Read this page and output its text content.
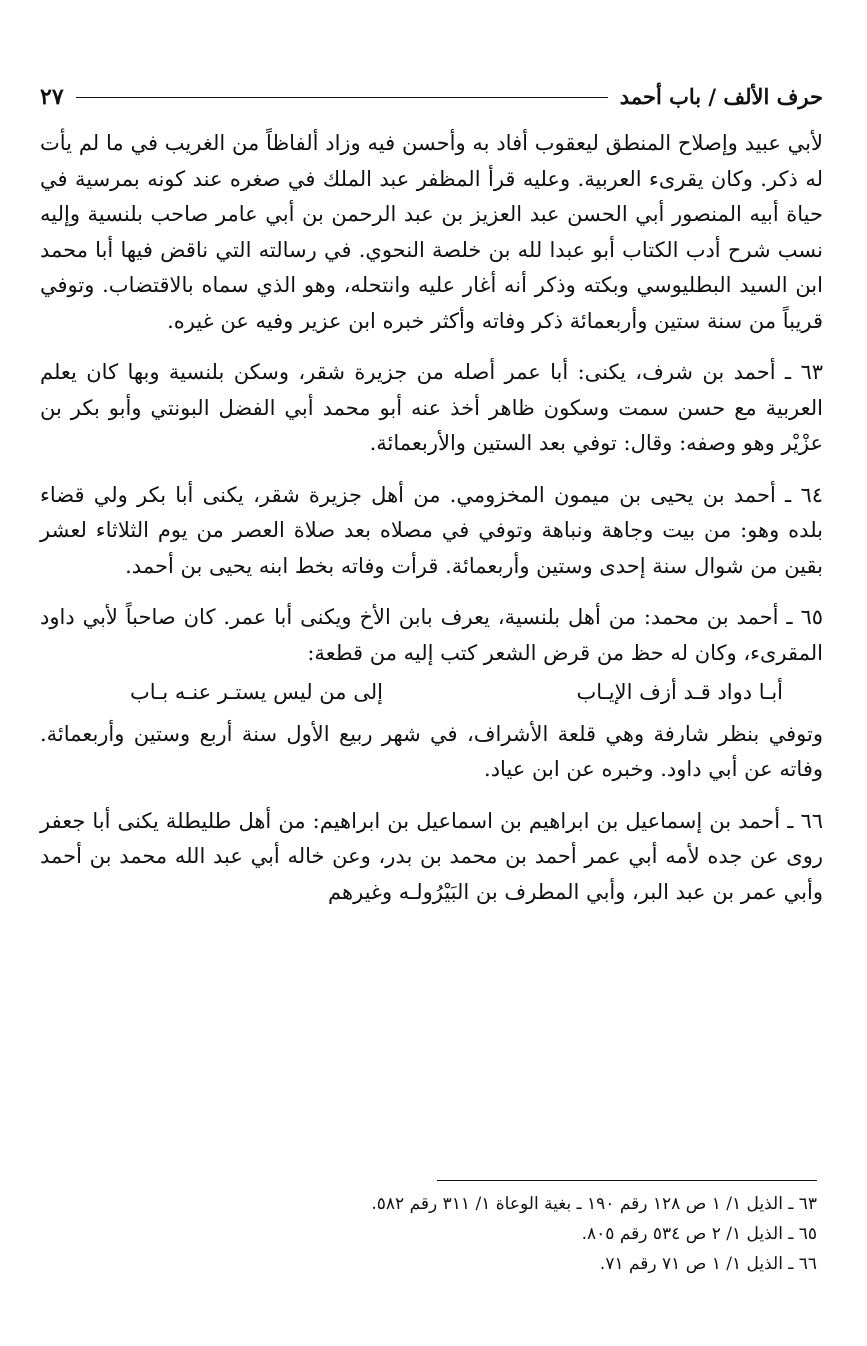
حرف الألف / باب أحمد
٢٧

لأبي عبيد وإصلاح المنطق ليعقوب أفاد به وأحسن فيه وزاد ألفاظاً من الغريب في ما لم يأت له ذكر. وكان يقرىء العربية. وعليه قرأ المظفر عبد الملك في صغره عند كونه بمرسية في حياة أبيه المنصور أبي الحسن عبد العزيز بن عبد الرحمن بن أبي عامر صاحب بلنسية وإليه نسب شرح أدب الكتاب أبو عبدا لله بن خلصة النحوي. في رسالته التي ناقض فيها أبا محمد ابن السيد البطليوسي وبكته وذكر أنه أغار عليه وانتحله، وهو الذي سماه بالاقتضاب. وتوفي قريباً من سنة ستين وأربعمائة ذكر وفاته وأكثر خبره ابن عزير وفيه عن غيره.

٦٣ ـ أحمد بن شرف، يكنى: أبا عمر أصله من جزيرة شقر، وسكن بلنسية وبها كان يعلم العربية مع حسن سمت وسكون ظاهر أخذ عنه أبو محمد أبي الفضل البونتي وأبو بكر بن عزْيْر وهو وصفه: وقال: توفي بعد الستين والأربعمائة.

٦٤ ـ أحمد بن يحيى بن ميمون المخزومي. من أهل جزيرة شقر، يكنى أبا بكر ولي قضاء بلده وهو: من بيت وجاهة ونباهة وتوفي في مصلاه بعد صلاة العصر من يوم الثلاثاء لعشر بقين من شوال سنة إحدى وستين وأربعمائة. قرأت وفاته بخط ابنه يحيى بن أحمد.

٦٥ ـ أحمد بن محمد: من أهل بلنسية، يعرف بابن الأخ ويكنى أبا عمر. كان صاحباً لأبي داود المقرىء، وكان له حظ من قرض الشعر كتب إليه من قطعة:

أبـا دواد قـد أزف الإيـاب
إلى من ليس يستـر عنـه بـاب

وتوفي بنظر شارفة وهي قلعة الأشراف، في شهر ربيع الأول سنة أربع وستين وأربعمائة. وفاته عن أبي داود. وخبره عن ابن عياد.

٦٦ ـ أحمد بن إسماعيل بن ابراهيم بن اسماعيل بن ابراهيم: من أهل طليطلة يكنى أبا جعفر روى عن جده لأمه أبي عمر أحمد بن محمد بن بدر، وعن خاله أبي عبد الله محمد بن أحمد وأبي عمر بن عبد البر، وأبي المطرف بن البَيْرُولـه وغيرهم

٦٣ ـ الذيل ١/ ١ ص ١٢٨ رقم ١٩٠ ـ بغية الوعاة ١/ ٣١١ رقم ٥٨٢.

٦٥ ـ الذيل ١/ ٢ ص ٥٣٤ رقم ٨٠٥.

٦٦ ـ الذيل ١/ ١ ص ٧١ رقم ٧١.
